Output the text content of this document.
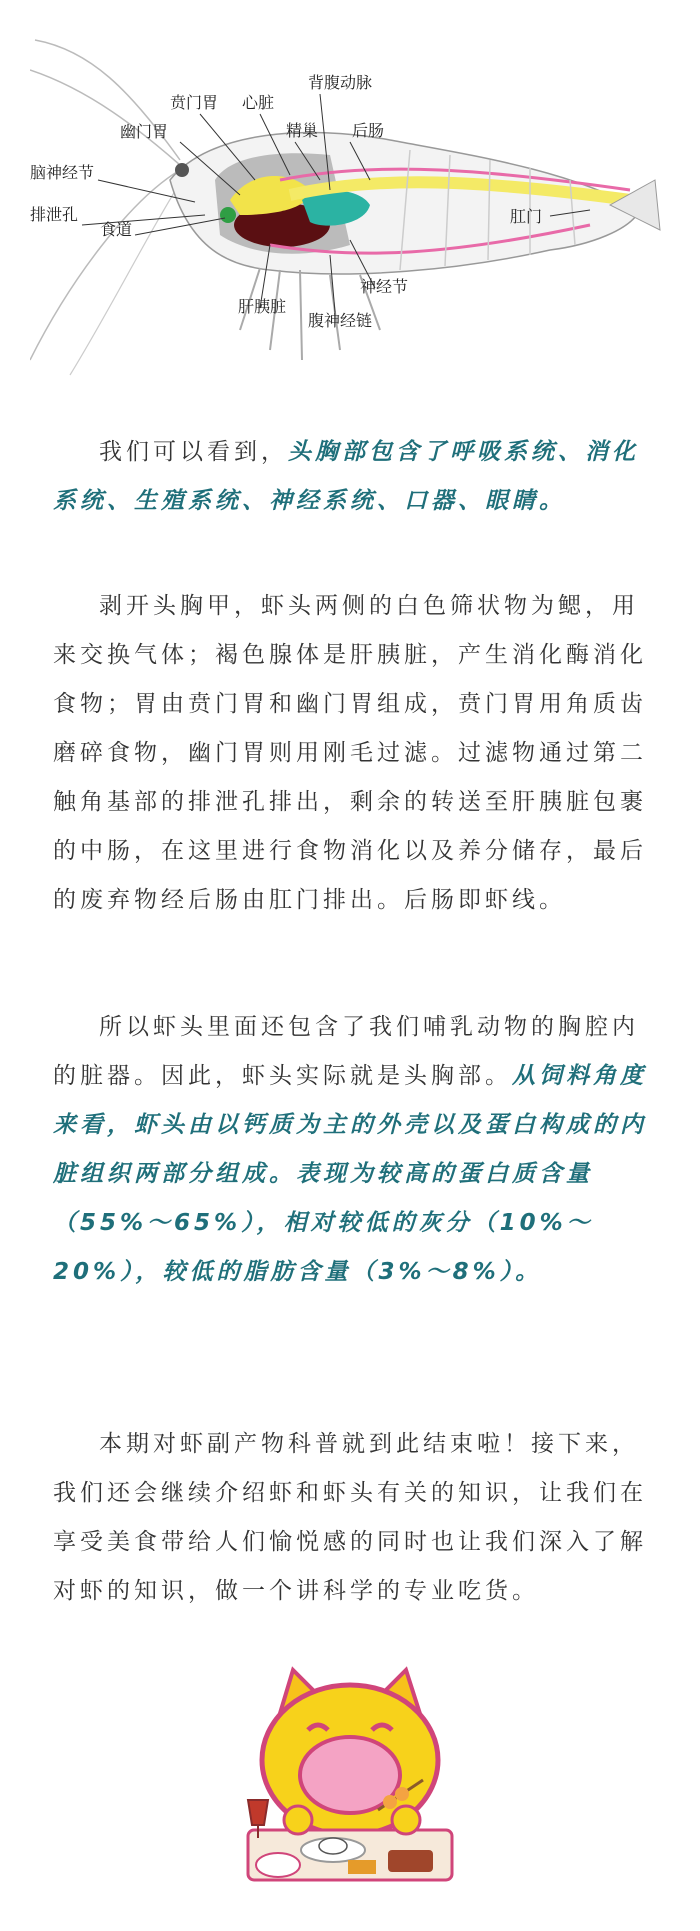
幽门胃
贲门胃 心脏
背腹动脉
精巢 后肠
脑神经节
排泄孔
食道
肛门
神经节
肝胰脏
腹神经链

我们可以看到，头胸部包含了呼吸系统、消化系统、生殖系统、神经系统、口器、眼睛。

剥开头胸甲，虾头两侧的白色筛状物为鳃，用来交换气体；褐色腺体是肝胰脏，产生消化酶消化食物；胃由贲门胃和幽门胃组成，贲门胃用角质齿磨碎食物，幽门胃则用刚毛过滤。过滤物通过第二触角基部的排泄孔排出，剩余的转送至肝胰脏包裹的中肠，在这里进行食物消化以及养分储存，最后的废弃物经后肠由肛门排出。后肠即虾线。

所以虾头里面还包含了我们哺乳动物的胸腔内的脏器。因此，虾头实际就是头胸部。从饲料角度来看，虾头由以钙质为主的外壳以及蛋白构成的内脏组织两部分组成。表现为较高的蛋白质含量（55%～65%），相对较低的灰分（10%～20%），较低的脂肪含量（3%～8%）。

本期对虾副产物科普就到此结束啦！接下来，我们还会继续介绍虾和虾头有关的知识，让我们在享受美食带给人们愉悦感的同时也让我们深入了解对虾的知识，做一个讲科学的专业吃货。
